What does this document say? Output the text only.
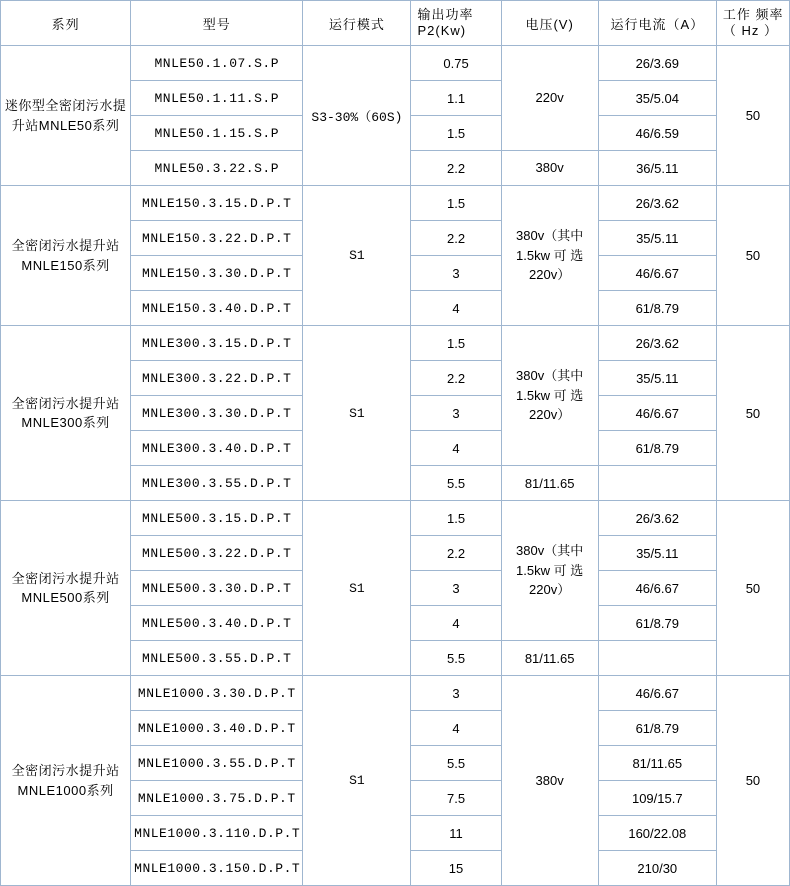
系列	型号	运行模式	
输出功率
P2(Kw)	电压(V)	运行电流（A）	
工作 频率
（ Hz ）

迷你型全密闭污水提升站MNLE50系列	MNLE50.1.07.S.P	S3-30%（60S)	0.75	220v	26/3.69	50
	MNLE50.1.11.S.P		1.1		35/5.04	
	MNLE50.1.15.S.P		1.5		46/6.59	
	MNLE50.3.22.S.P		2.2	380v	36/5.11	
全密闭污水提升站 MNLE150系列	MNLE150.3.15.D.P.T	S1	1.5	380v（其中 1.5kw 可 选 220v）	26/3.62	50
	MNLE150.3.22.D.P.T		2.2		35/5.11	
	MNLE150.3.30.D.P.T		3		46/6.67	
	MNLE150.3.40.D.P.T		4		61/8.79	
全密闭污水提升站 MNLE300系列	MNLE300.3.15.D.P.T	S1	1.5	380v（其中 1.5kw 可 选 220v）	26/3.62	50
	MNLE300.3.22.D.P.T		2.2		35/5.11	
	MNLE300.3.30.D.P.T		3		46/6.67	
	MNLE300.3.40.D.P.T		4		61/8.79	
	MNLE300.3.55.D.P.T		5.5	81/11.65		
全密闭污水提升站 MNLE500系列	MNLE500.3.15.D.P.T	S1	1.5	380v（其中 1.5kw 可 选 220v）	26/3.62	50
	MNLE500.3.22.D.P.T		2.2		35/5.11	
	MNLE500.3.30.D.P.T		3		46/6.67	
	MNLE500.3.40.D.P.T		4		61/8.79	
	MNLE500.3.55.D.P.T		5.5	81/11.65		
全密闭污水提升站MNLE1000系列	MNLE1000.3.30.D.P.T	S1	3	380v	46/6.67	50
	MNLE1000.3.40.D.P.T		4		61/8.79	
	MNLE1000.3.55.D.P.T		5.5		81/11.65	
	MNLE1000.3.75.D.P.T		7.5		109/15.7	
	MNLE1000.3.110.D.P.T		11		160/22.08	
	MNLE1000.3.150.D.P.T		15		210/30	
